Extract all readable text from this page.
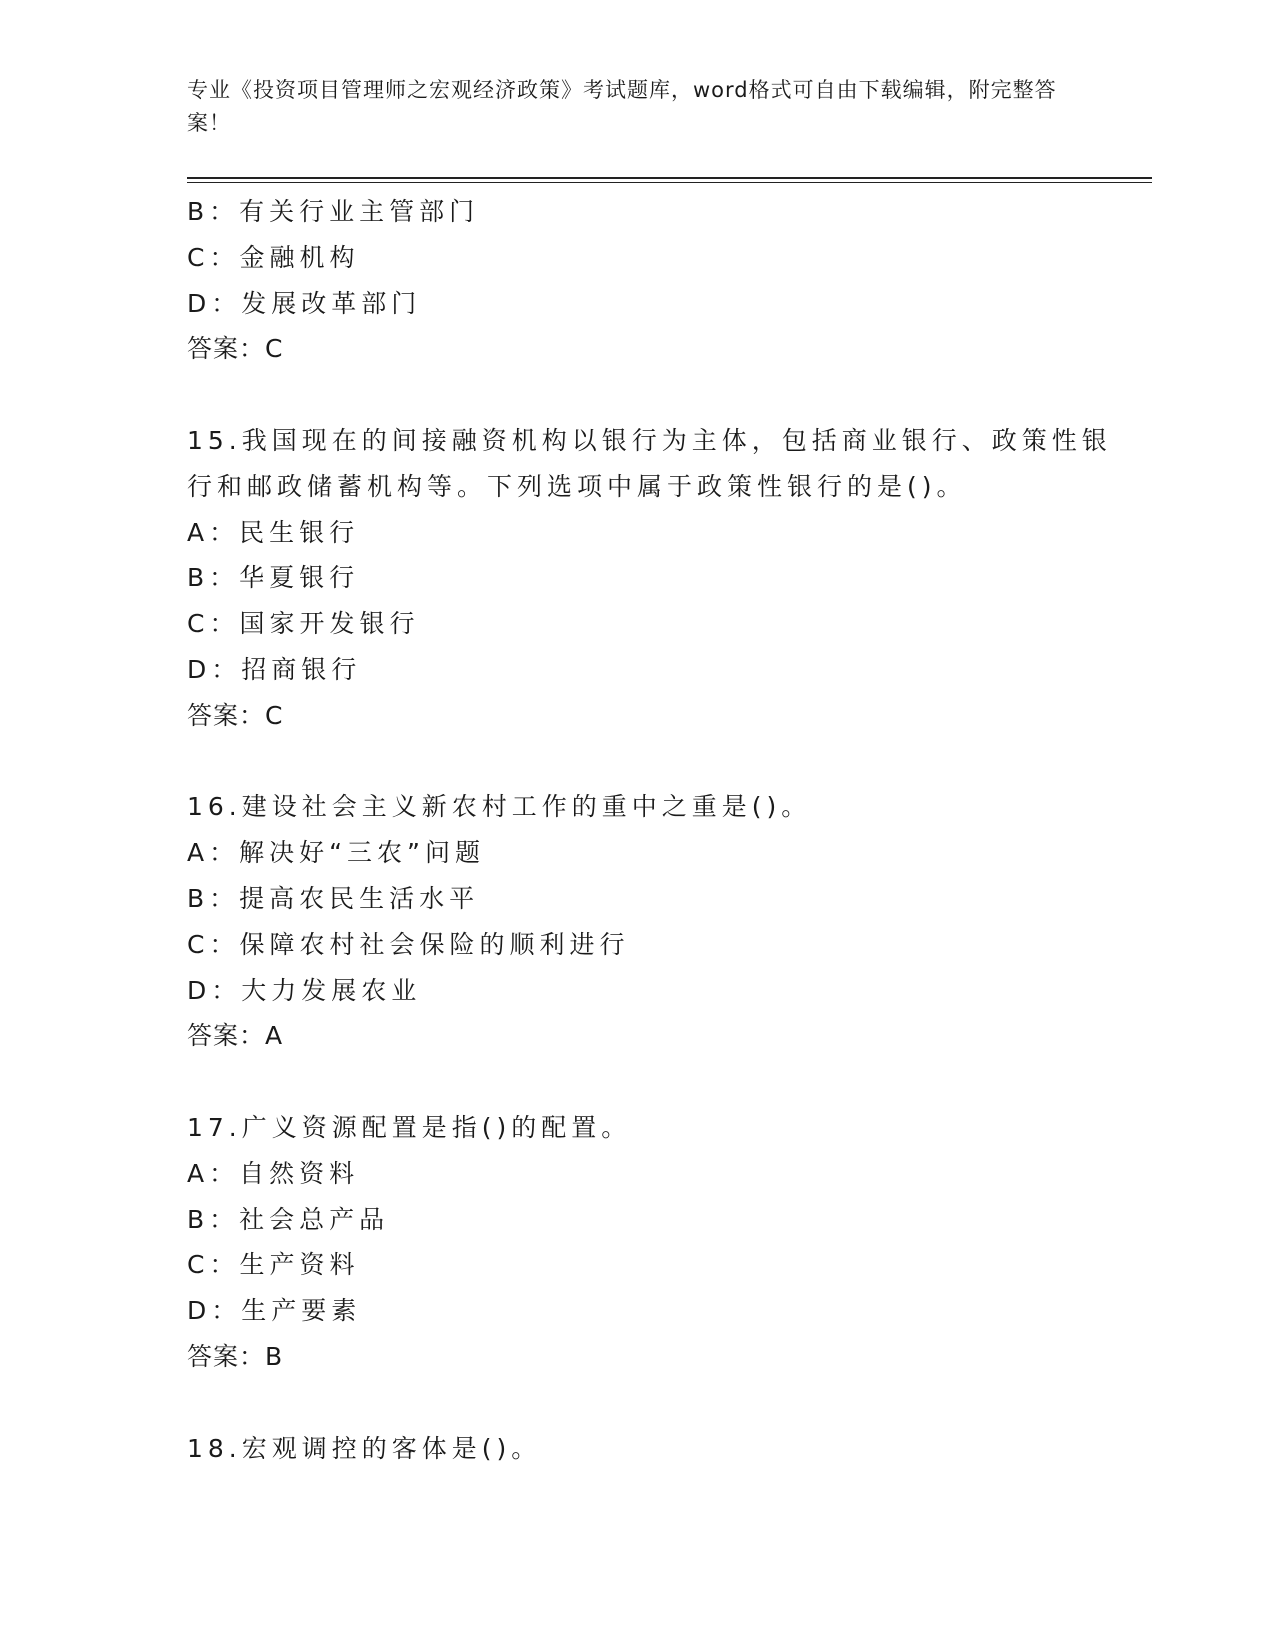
专业《投资项目管理师之宏观经济政策》考试题库，word格式可自由下载编辑，附完整答案！
B：有关行业主管部门
C：金融机构
D：发展改革部门
答案：C
15.我国现在的间接融资机构以银行为主体，包括商业银行、政策性银
行和邮政储蓄机构等。下列选项中属于政策性银行的是()。
A：民生银行
B：华夏银行
C：国家开发银行
D：招商银行
答案：C
16.建设社会主义新农村工作的重中之重是()。
A：解决好“三农”问题
B：提高农民生活水平
C：保障农村社会保险的顺利进行
D：大力发展农业
答案：A
17.广义资源配置是指()的配置。
A：自然资料
B：社会总产品
C：生产资料
D：生产要素
答案：B
18.宏观调控的客体是()。
